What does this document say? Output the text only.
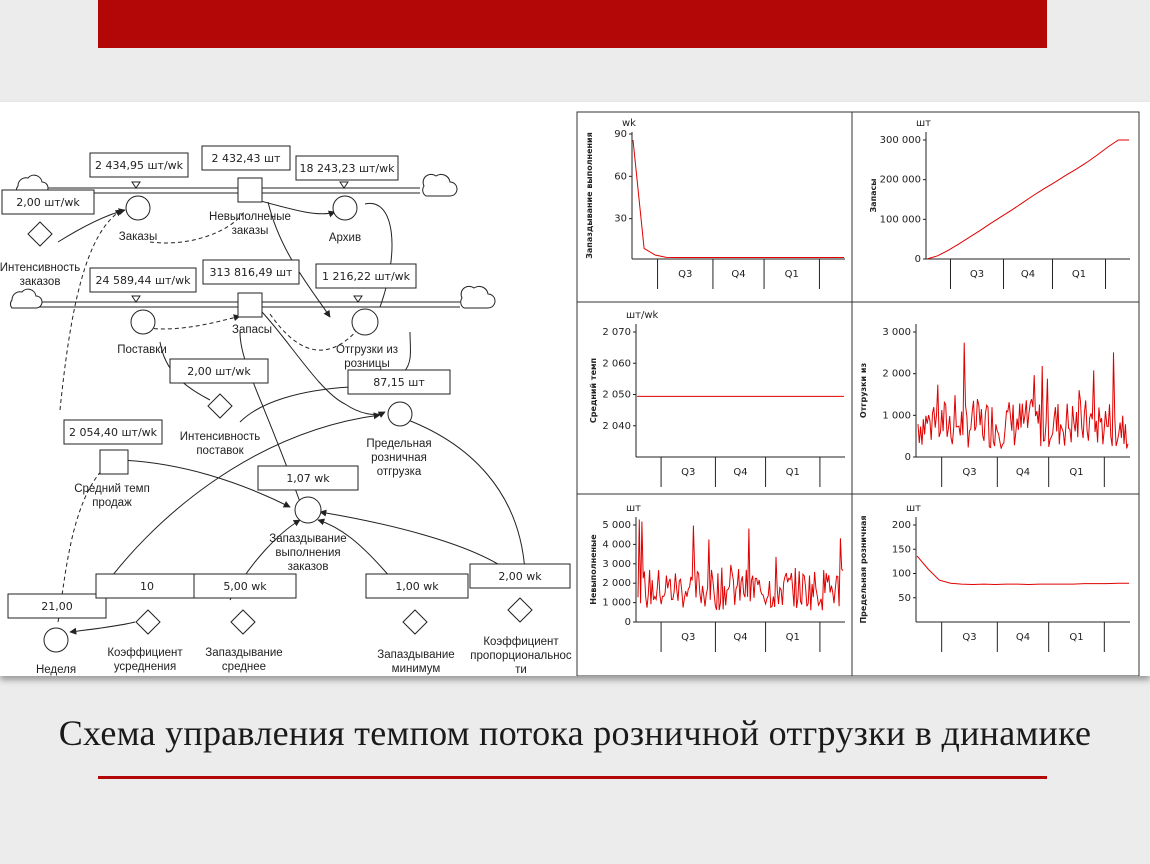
2 434,95 шт/wk
2 432,43 шт
18 243,23 шт/wk
2,00 шт/wk
24 589,44 шт/wk
313 816,49 шт	1 216,22 шт/wk
2,00 шт/wk
87,15 шт
2 054,40 шт/wk
1,07 wk
21,00
10	5,00 wk	1,00 wk
2,00 wk
Заказы
Невыполненые
заказы
Архив
Интенсивность
заказов
Поставки
Запасы
Отгрузки из
розницы
Интенсивность
поставок
Предельная
розничная
отгрузка
Средний темп
продаж
Запаздывание
выполнения
заказов
Неделя
Коэффициент
усреднения
Запаздывание
среднее
Запаздывание
минимум
Коэффициент
пропорциональнос
ти
wk
90
60
30
Запаздывание выполнения
Q3	Q4	Q1
шт
300 000
200 000
100 000
0
Запасы
Q3	Q4	Q1
шт/wk
2 070
2 060
2 050
2 040
Средний темп
Q3	Q4	Q1
3 000
2 000
1 000
0
Отгрузки из
Q3	Q4	Q1
шт
5 000
4 000
3 000
2 000
1 000
0
Невыполненые
Q3	Q4	Q1
шт
200
150
100
50
Предельная розничная
Q3	Q4	Q1
Схема управления темпом потока розничной отгрузки в динамике
